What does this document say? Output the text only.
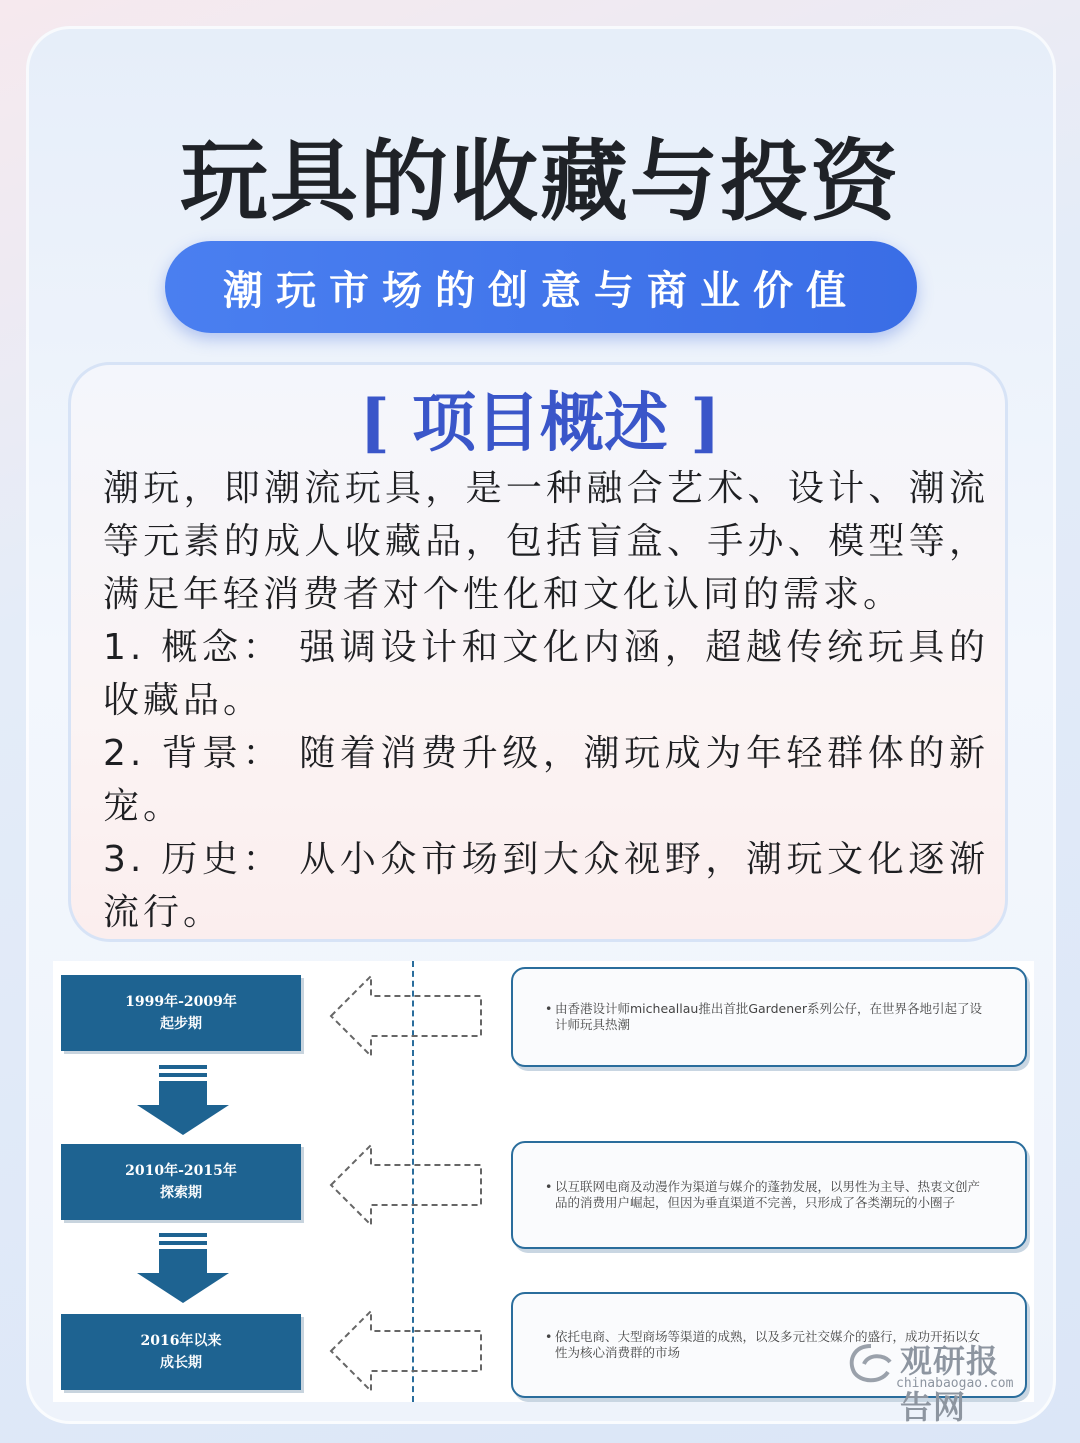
玩具的收藏与投资
潮玩市场的创意与商业价值
[ 项目概述 ]

潮玩，即潮流玩具，是一种融合艺术、设计、潮流等元素的成人收藏品，包括盲盒、手办、模型等，满足年轻消费者对个性化和文化认同的需求。

1. 概念： 强调设计和文化内涵，超越传统玩具的收藏品。

2. 背景： 随着消费升级，潮玩成为年轻群体的新宠。

3. 历史： 从小众市场到大众视野，潮玩文化逐渐流行。

1999年-2009年
起步期
• 由香港设计师micheallau推出首批Gardener系列公仔，在世界各地引起了设计师玩具热潮
2010年-2015年
探索期
•	以互联网电商及动漫作为渠道与媒介的蓬勃发展，以男性为主导、热衷文创产品的消费用户崛起，但因为垂直渠道不完善，只形成了各类潮玩的小圈子
2016年以来
成长期
• 依托电商、大型商场等渠道的成熟，以及多元社交媒介的盛行，成功开拓以女性为核心消费群的市场	观研报告网
chinabaogao.com
